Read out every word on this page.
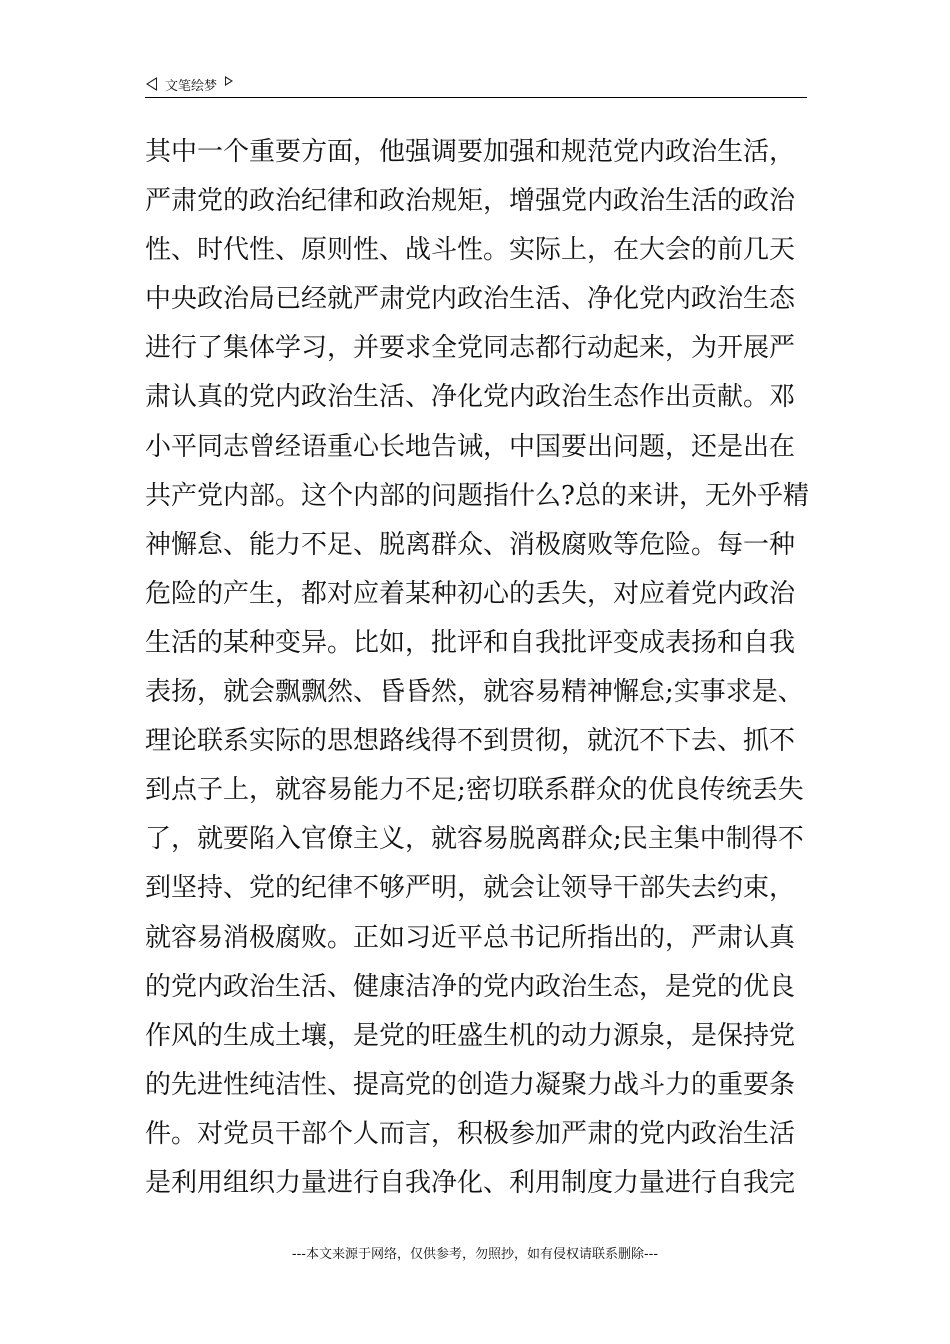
文笔绘梦
其中一个重要方面，他强调要加强和规范党内政治生活，
严肃党的政治纪律和政治规矩，增强党内政治生活的政治
性、时代性、原则性、战斗性。实际上，在大会的前几天
中央政治局已经就严肃党内政治生活、净化党内政治生态
进行了集体学习，并要求全党同志都行动起来，为开展严
肃认真的党内政治生活、净化党内政治生态作出贡献。邓
小平同志曾经语重心长地告诫，中国要出问题，还是出在
共产党内部。这个内部的问题指什么?总的来讲，无外乎精
神懈怠、能力不足、脱离群众、消极腐败等危险。每一种
危险的产生，都对应着某种初心的丢失，对应着党内政治
生活的某种变异。比如，批评和自我批评变成表扬和自我
表扬，就会飘飘然、昏昏然，就容易精神懈怠;实事求是、
理论联系实际的思想路线得不到贯彻，就沉不下去、抓不
到点子上，就容易能力不足;密切联系群众的优良传统丢失
了，就要陷入官僚主义，就容易脱离群众;民主集中制得不
到坚持、党的纪律不够严明，就会让领导干部失去约束，
就容易消极腐败。正如习近平总书记所指出的，严肃认真
的党内政治生活、健康洁净的党内政治生态，是党的优良
作风的生成土壤，是党的旺盛生机的动力源泉，是保持党
的先进性纯洁性、提高党的创造力凝聚力战斗力的重要条
件。对党员干部个人而言，积极参加严肃的党内政治生活
是利用组织力量进行自我净化、利用制度力量进行自我完
---本文来源于网络，仅供参考，勿照抄，如有侵权请联系删除---
